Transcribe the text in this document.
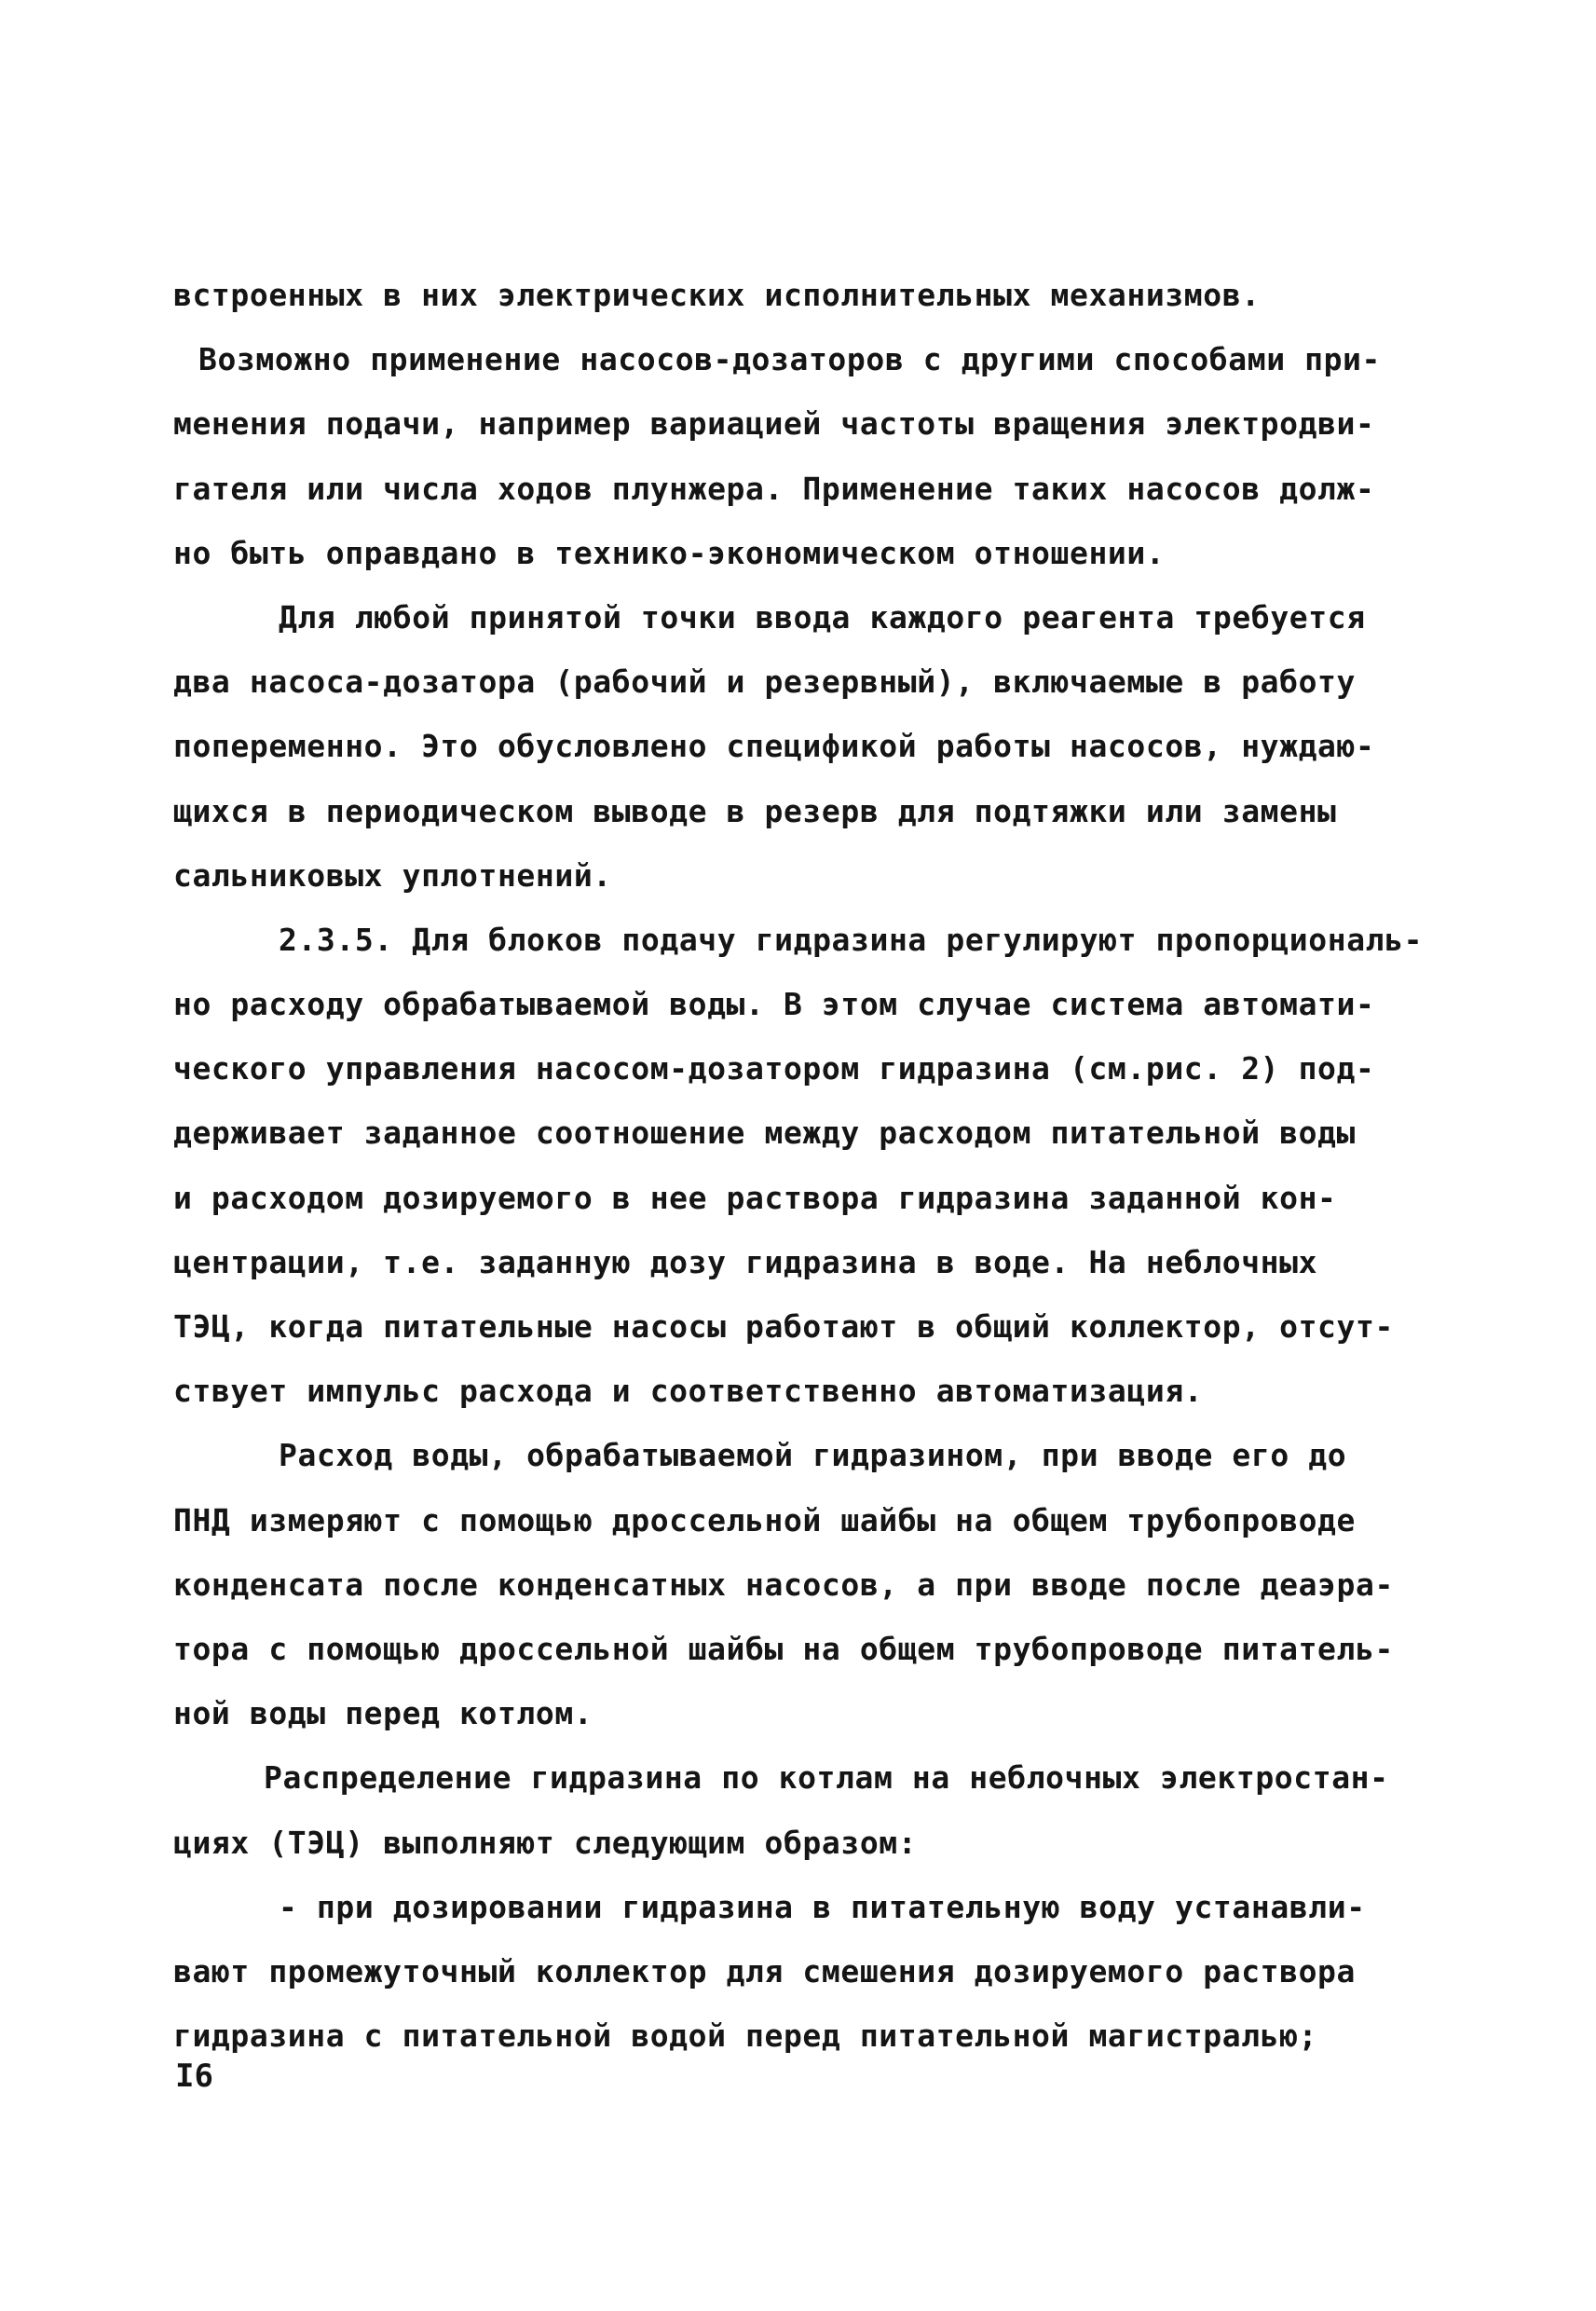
встроенных в них электрических исполнительных механизмов.
Возможно применение насосов-дозаторов с другими способами при-
менения подачи, например вариацией частоты вращения электродви-
гателя или числа ходов плунжера. Применение таких насосов долж-
но быть оправдано в технико-экономическом отношении.
Для любой принятой точки ввода каждого реагента требуется
два насоса-дозатора (рабочий и резервный), включаемые в работу
попеременно. Это обусловлено спецификой работы насосов, нуждаю-
щихся в периодическом выводе в резерв для подтяжки или замены
сальниковых уплотнений.
2.3.5. Для блоков подачу гидразина регулируют пропорциональ-
но расходу обрабатываемой воды. В этом случае система автомати-
ческого управления насосом-дозатором гидразина (см.рис. 2) под-
держивает заданное соотношение между расходом питательной воды
и расходом дозируемого в нее раствора гидразина заданной кон-
центрации, т.е. заданную дозу гидразина в воде. На неблочных
ТЭЦ, когда питательные насосы работают в общий коллектор, отсут-
ствует импульс расхода и соответственно автоматизация.
Расход воды, обрабатываемой гидразином, при вводе его до
ПНД измеряют с помощью дроссельной шайбы на общем трубопроводе
конденсата после конденсатных насосов, а при вводе после деаэра-
тора с помощью дроссельной шайбы на общем трубопроводе питатель-
ной воды перед котлом.
Распределение гидразина по котлам на неблочных электростан-
циях (ТЭЦ) выполняют следующим образом:
- при дозировании гидразина в питательную воду устанавли-
вают промежуточный коллектор для смешения дозируемого раствора
гидразина с питательной водой перед питательной магистралью;
I6
